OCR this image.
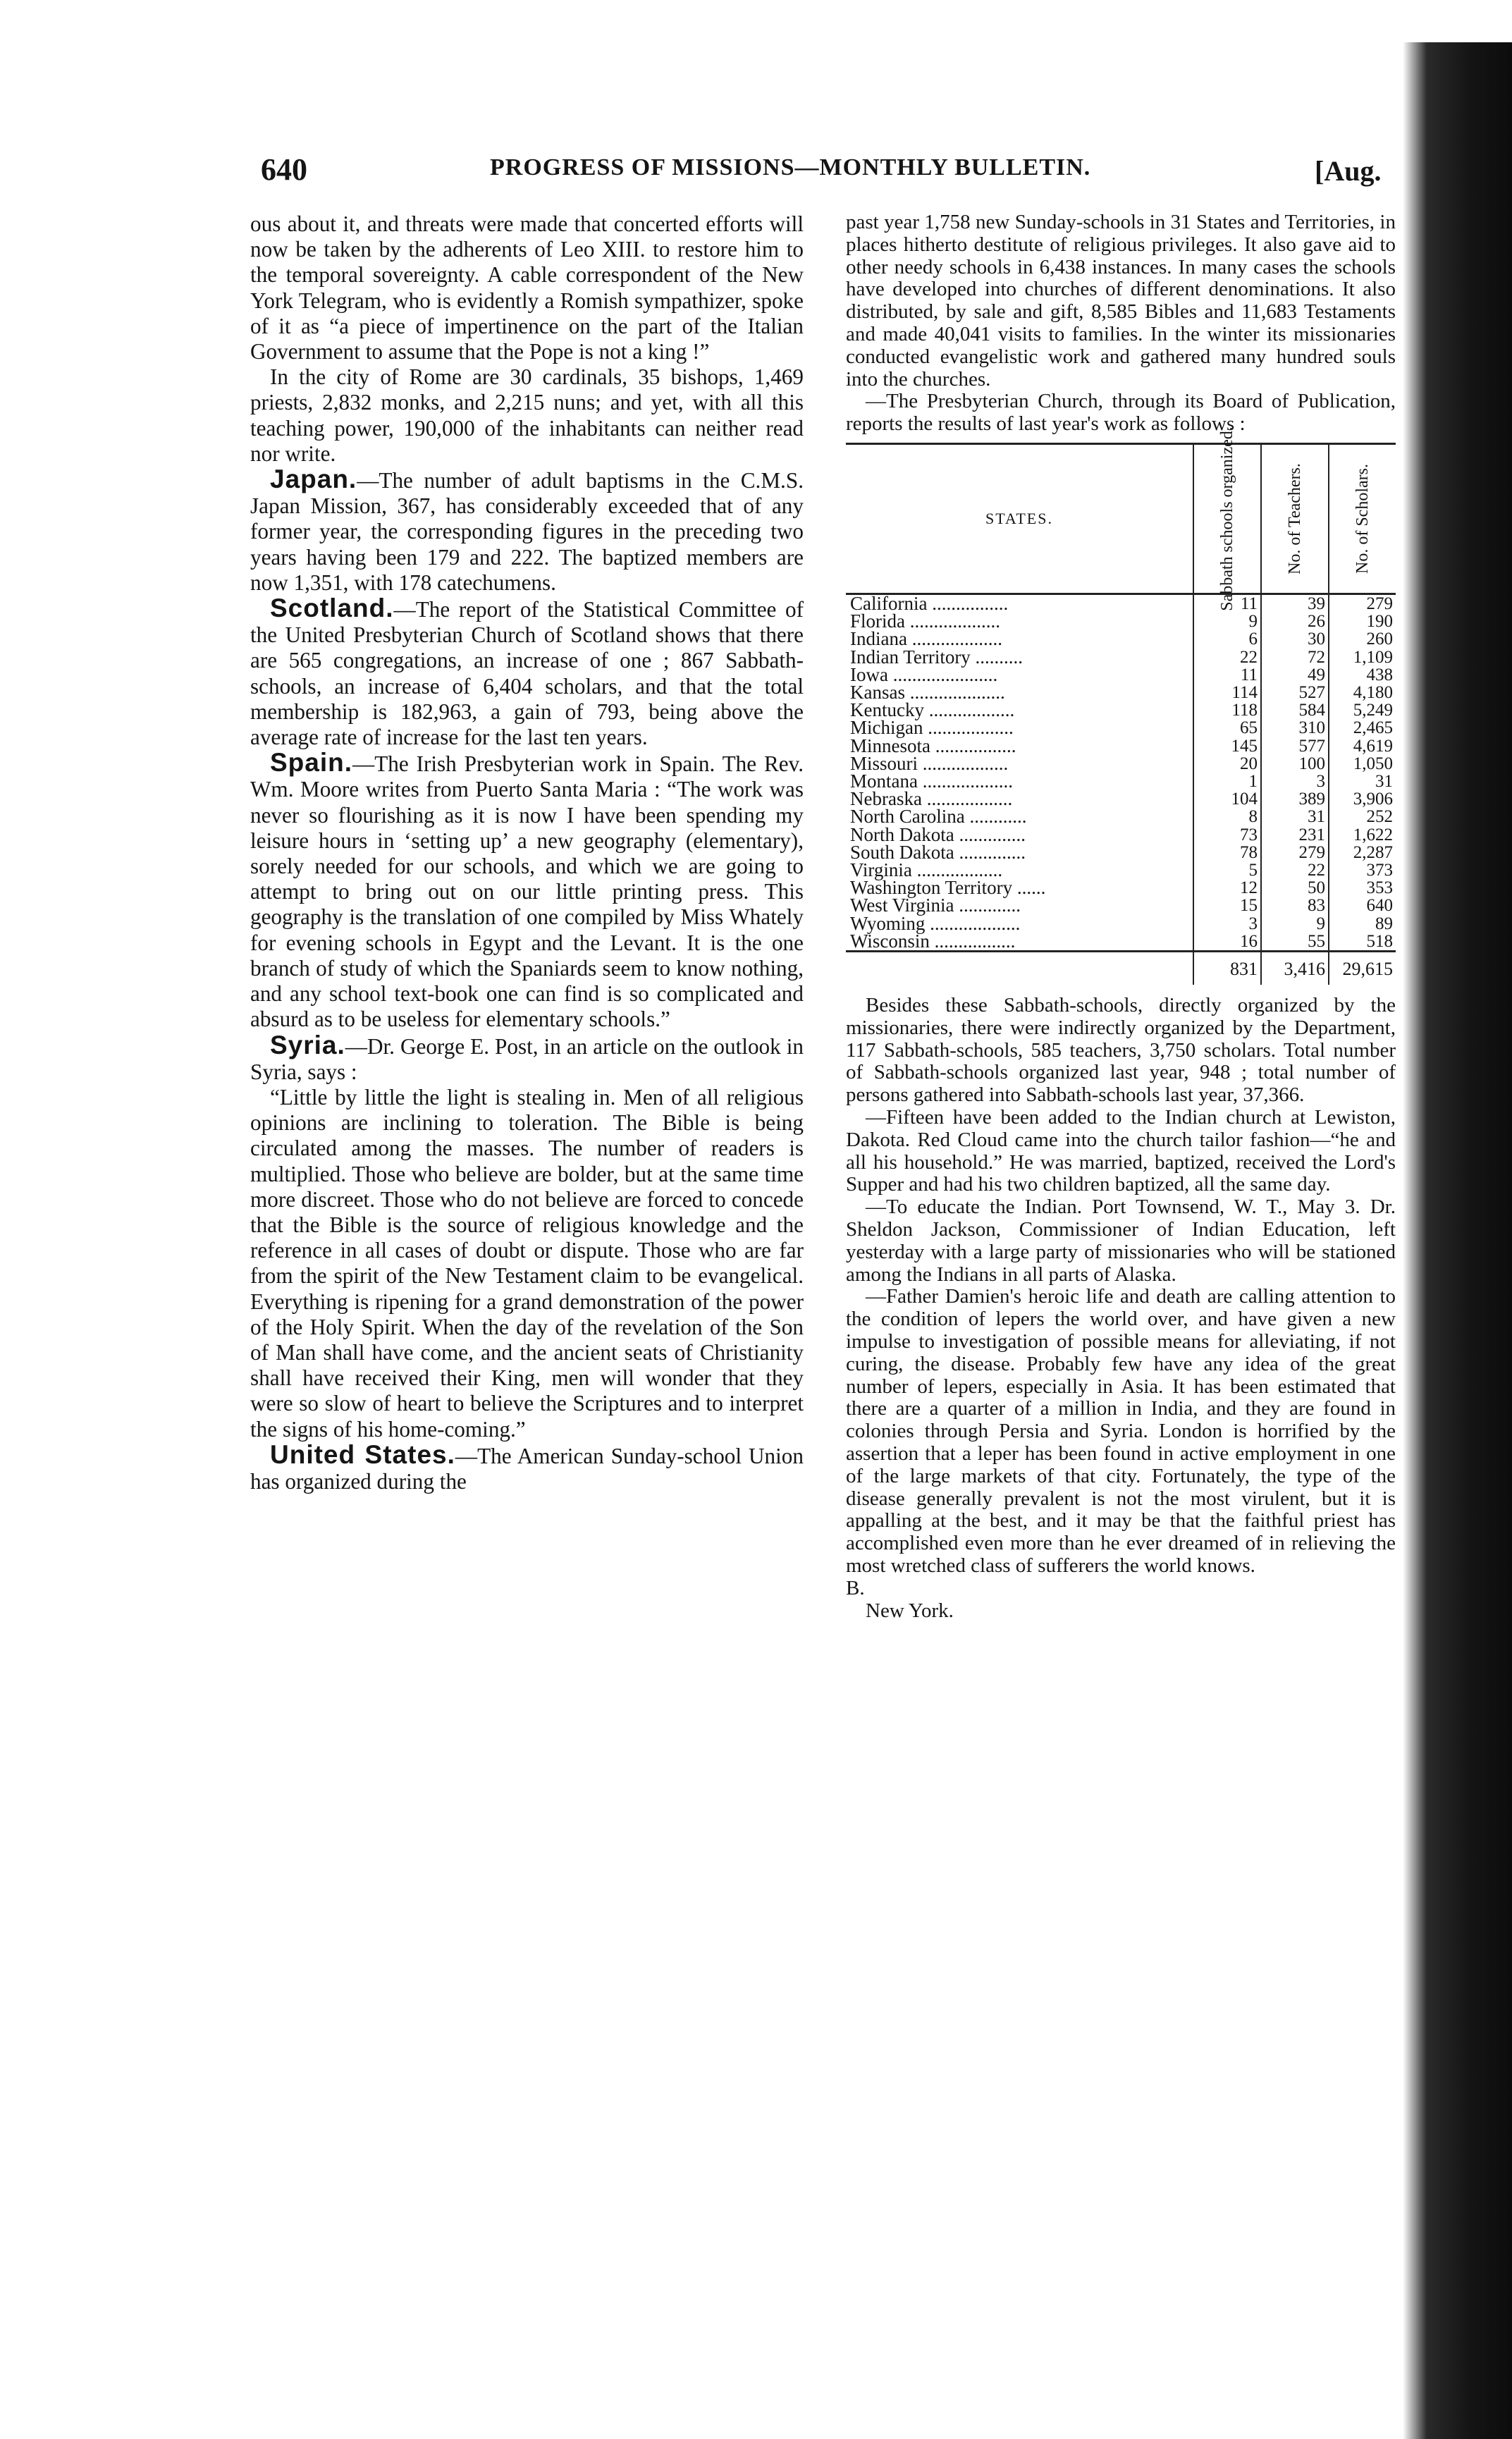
640	PROGRESS OF MISSIONS—MONTHLY BULLETIN.	[Aug.

ous about it, and threats were made that concerted efforts will now be taken by the adherents of Leo XIII. to restore him to the temporal sovereignty. A cable correspondent of the New York Telegram, who is evidently a Romish sympathizer, spoke of it as “a piece of impertinence on the part of the Italian Government to assume that the Pope is not a king !”

In the city of Rome are 30 cardinals, 35 bishops, 1,469 priests, 2,832 monks, and 2,215 nuns; and yet, with all this teaching power, 190,000 of the inhabitants can neither read nor write.

Japan.—The number of adult baptisms in the C.M.S. Japan Mission, 367, has considerably exceeded that of any former year, the corresponding figures in the preceding two years having been 179 and 222. The baptized members are now 1,351, with 178 catechumens.

Scotland.—The report of the Statistical Committee of the United Presbyterian Church of Scotland shows that there are 565 congregations, an increase of one ; 867 Sabbath-schools, an increase of 6,404 scholars, and that the total membership is 182,963, a gain of 793, being above the average rate of increase for the last ten years.

Spain.—The Irish Presbyterian work in Spain. The Rev. Wm. Moore writes from Puerto Santa Maria : “The work was never so flourishing as it is now I have been spending my leisure hours in ‘setting up’ a new geography (elementary), sorely needed for our schools, and which we are going to attempt to bring out on our little printing press. This geography is the translation of one compiled by Miss Whately for evening schools in Egypt and the Levant. It is the one branch of study of which the Spaniards seem to know nothing, and any school text-book one can find is so complicated and absurd as to be useless for elementary schools.”

Syria.—Dr. George E. Post, in an article on the outlook in Syria, says :

“Little by little the light is stealing in. Men of all religious opinions are inclining to toleration. The Bible is being circulated among the masses. The number of readers is multiplied. Those who believe are bolder, but at the same time more discreet. Those who do not believe are forced to concede that the Bible is the source of religious knowledge and the reference in all cases of doubt or dispute. Those who are far from the spirit of the New Testament claim to be evangelical. Everything is ripening for a grand demonstration of the power of the Holy Spirit. When the day of the revelation of the Son of Man shall have come, and the ancient seats of Christianity shall have received their King, men will wonder that they were so slow of heart to believe the Scriptures and to interpret the signs of his home-coming.”

United States.—The American Sunday-school Union has organized during the

past year 1,758 new Sunday-schools in 31 States and Territories, in places hitherto destitute of religious privileges. It also gave aid to other needy schools in 6,438 instances. In many cases the schools have developed into churches of different denominations. It also distributed, by sale and gift, 8,585 Bibles and 11,683 Testaments and made 40,041 visits to families. In the winter its missionaries conducted evangelistic work and gathered many hundred souls into the churches.

—The Presbyterian Church, through its Board of Publication, reports the results of last year's work as follows :

STATES.	Sabbath schools organized.	No. of Teachers.	No. of Scholars.

California ................	11	39	279
Florida ...................	9	26	190
Indiana ...................	6	30	260
Indian Territory ..........	22	72	1,109
Iowa ......................	11	49	438
Kansas ....................	114	527	4,180
Kentucky ..................	118	584	5,249
Michigan ..................	65	310	2,465
Minnesota .................	145	577	4,619
Missouri ..................	20	100	1,050
Montana ...................	1	3	31
Nebraska ..................	104	389	3,906
North Carolina ............	8	31	252
North Dakota ..............	73	231	1,622
South Dakota ..............	78	279	2,287
Virginia ..................	5	22	373
Washington Territory ......	12	50	353
West Virginia .............	15	83	640
Wyoming ...................	3	9	89
Wisconsin .................	16	55	518
	831	3,416	29,615

Besides these Sabbath-schools, directly organized by the missionaries, there were indirectly organized by the Department, 117 Sabbath-schools, 585 teachers, 3,750 scholars. Total number of Sabbath-schools organized last year, 948 ; total number of persons gathered into Sabbath-schools last year, 37,366.

—Fifteen have been added to the Indian church at Lewiston, Dakota. Red Cloud came into the church tailor fashion—“he and all his household.” He was married, baptized, received the Lord's Supper and had his two children baptized, all the same day.

—To educate the Indian. Port Townsend, W. T., May 3. Dr. Sheldon Jackson, Commissioner of Indian Education, left yesterday with a large party of missionaries who will be stationed among the Indians in all parts of Alaska.

—Father Damien's heroic life and death are calling attention to the condition of lepers the world over, and have given a new impulse to investigation of possible means for alleviating, if not curing, the disease. Probably few have any idea of the great number of lepers, especially in Asia. It has been estimated that there are a quarter of a million in India, and they are found in colonies through Persia and Syria. London is horrified by the assertion that a leper has been found in active employment in one of the large markets of that city. Fortunately, the type of the disease generally prevalent is not the most virulent, but it is appalling at the best, and it may be that the faithful priest has accomplished even more than he ever dreamed of in relieving the most wretched class of sufferers the world knows.

B.

New York.
